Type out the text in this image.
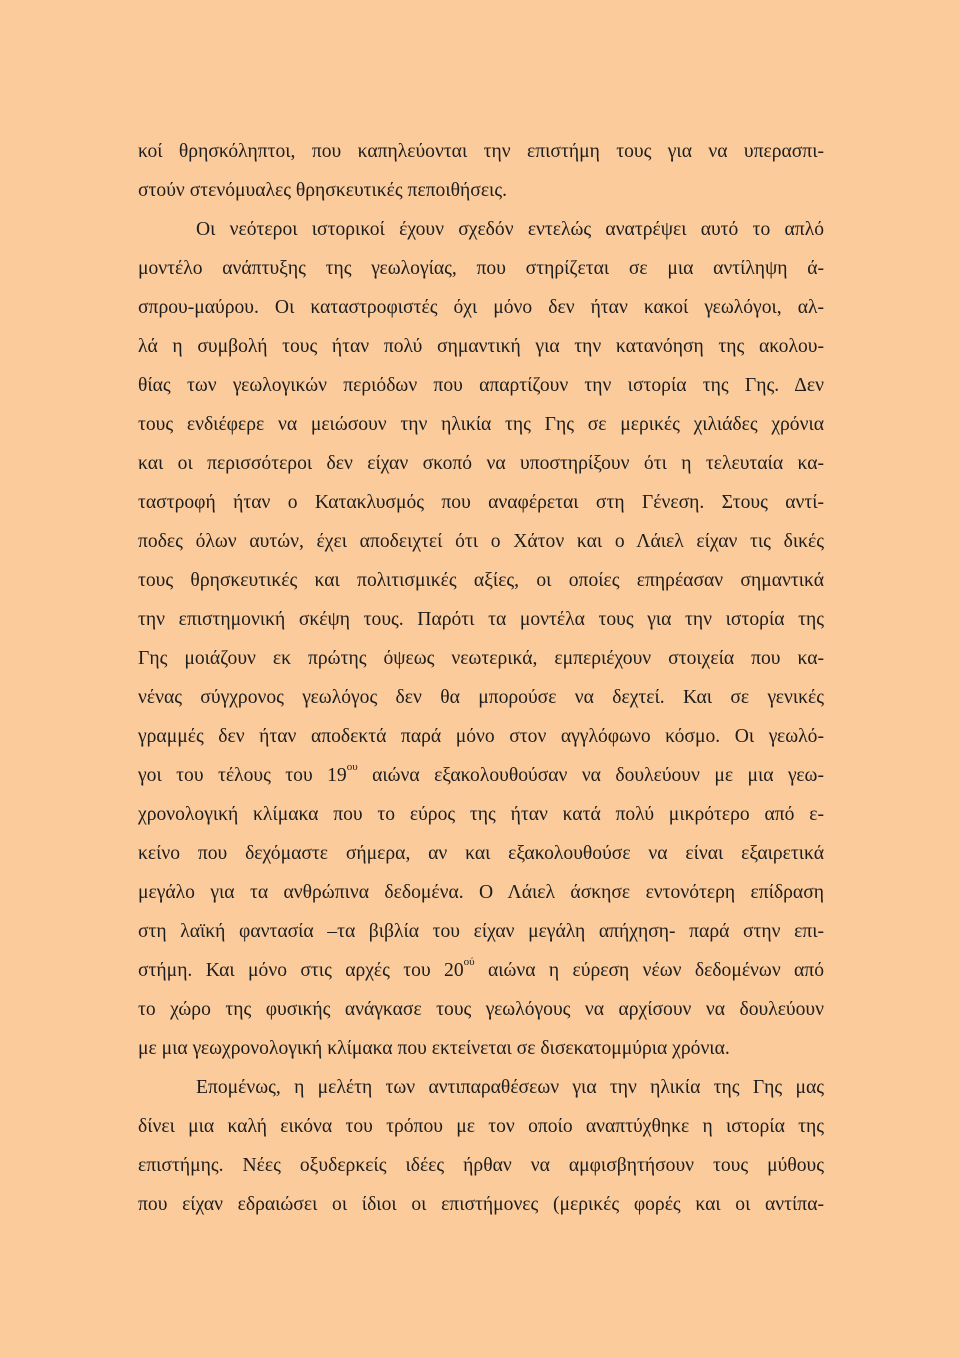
κοί θρησκόληπτοι, που καπηλεύονται την επιστήμη τους για να υπερασπι-
στούν στενόμυαλες θρησκευτικές πεποιθήσεις.
Οι νεότεροι ιστορικοί έχουν σχεδόν εντελώς ανατρέψει αυτό το απλό
μοντέλο ανάπτυξης της γεωλογίας, που στηρίζεται σε μια αντίληψη ά-
σπρου-μαύρου. Οι καταστροφιστές όχι μόνο δεν ήταν κακοί γεωλόγοι, αλ-
λά η συμβολή τους ήταν πολύ σημαντική για την κατανόηση της ακολου-
θίας των γεωλογικών περιόδων που απαρτίζουν την ιστορία της Γης. Δεν
τους ενδιέφερε να μειώσουν την ηλικία της Γης σε μερικές χιλιάδες χρόνια
και οι περισσότεροι δεν είχαν σκοπό να υποστηρίξουν ότι η τελευταία κα-
ταστροφή ήταν ο Κατακλυσμός που αναφέρεται στη Γένεση. Στους αντί-
ποδες όλων αυτών, έχει αποδειχτεί ότι ο Χάτον και ο Λάιελ είχαν τις δικές
τους θρησκευτικές και πολιτισμικές αξίες, οι οποίες επηρέασαν σημαντικά
την επιστημονική σκέψη τους. Παρότι τα μοντέλα τους για την ιστορία της
Γης μοιάζουν εκ πρώτης όψεως νεωτερικά, εμπεριέχουν στοιχεία που κα-
νένας σύγχρονος γεωλόγος δεν θα μπορούσε να δεχτεί. Και σε γενικές
γραμμές δεν ήταν αποδεκτά παρά μόνο στον αγγλόφωνο κόσμο. Οι γεωλό-
γοι του τέλους του $19^{o\upsilon}$ αιώνα εξακολουθούσαν να δουλεύουν με μια γεω-
χρονολογική κλίμακα που το εύρος της ήταν κατά πολύ μικρότερο από ε-
κείνο που δεχόμαστε σήμερα, αν και εξακολουθούσε να είναι εξαιρετικά
μεγάλο για τα ανθρώπινα δεδομένα. Ο Λάιελ άσκησε εντονότερη επίδραση
στη λαϊκή φαντασία –τα βιβλία του είχαν μεγάλη απήχηση- παρά στην επι-
στήμη. Και μόνο στις αρχές του $20^{oύ}$ αιώνα η εύρεση νέων δεδομένων από
το χώρο της φυσικής ανάγκασε τους γεωλόγους να αρχίσουν να δουλεύουν
με μια γεωχρονολογική κλίμακα που εκτείνεται σε δισεκατομμύρια χρόνια.
Επομένως, η μελέτη των αντιπαραθέσεων για την ηλικία της Γης μας
δίνει μια καλή εικόνα του τρόπου με τον οποίο αναπτύχθηκε η ιστορία της
επιστήμης. Νέες οξυδερκείς ιδέες ήρθαν να αμφισβητήσουν τους μύθους
που είχαν εδραιώσει οι ίδιοι οι επιστήμονες (μερικές φορές και οι αντίπα-
